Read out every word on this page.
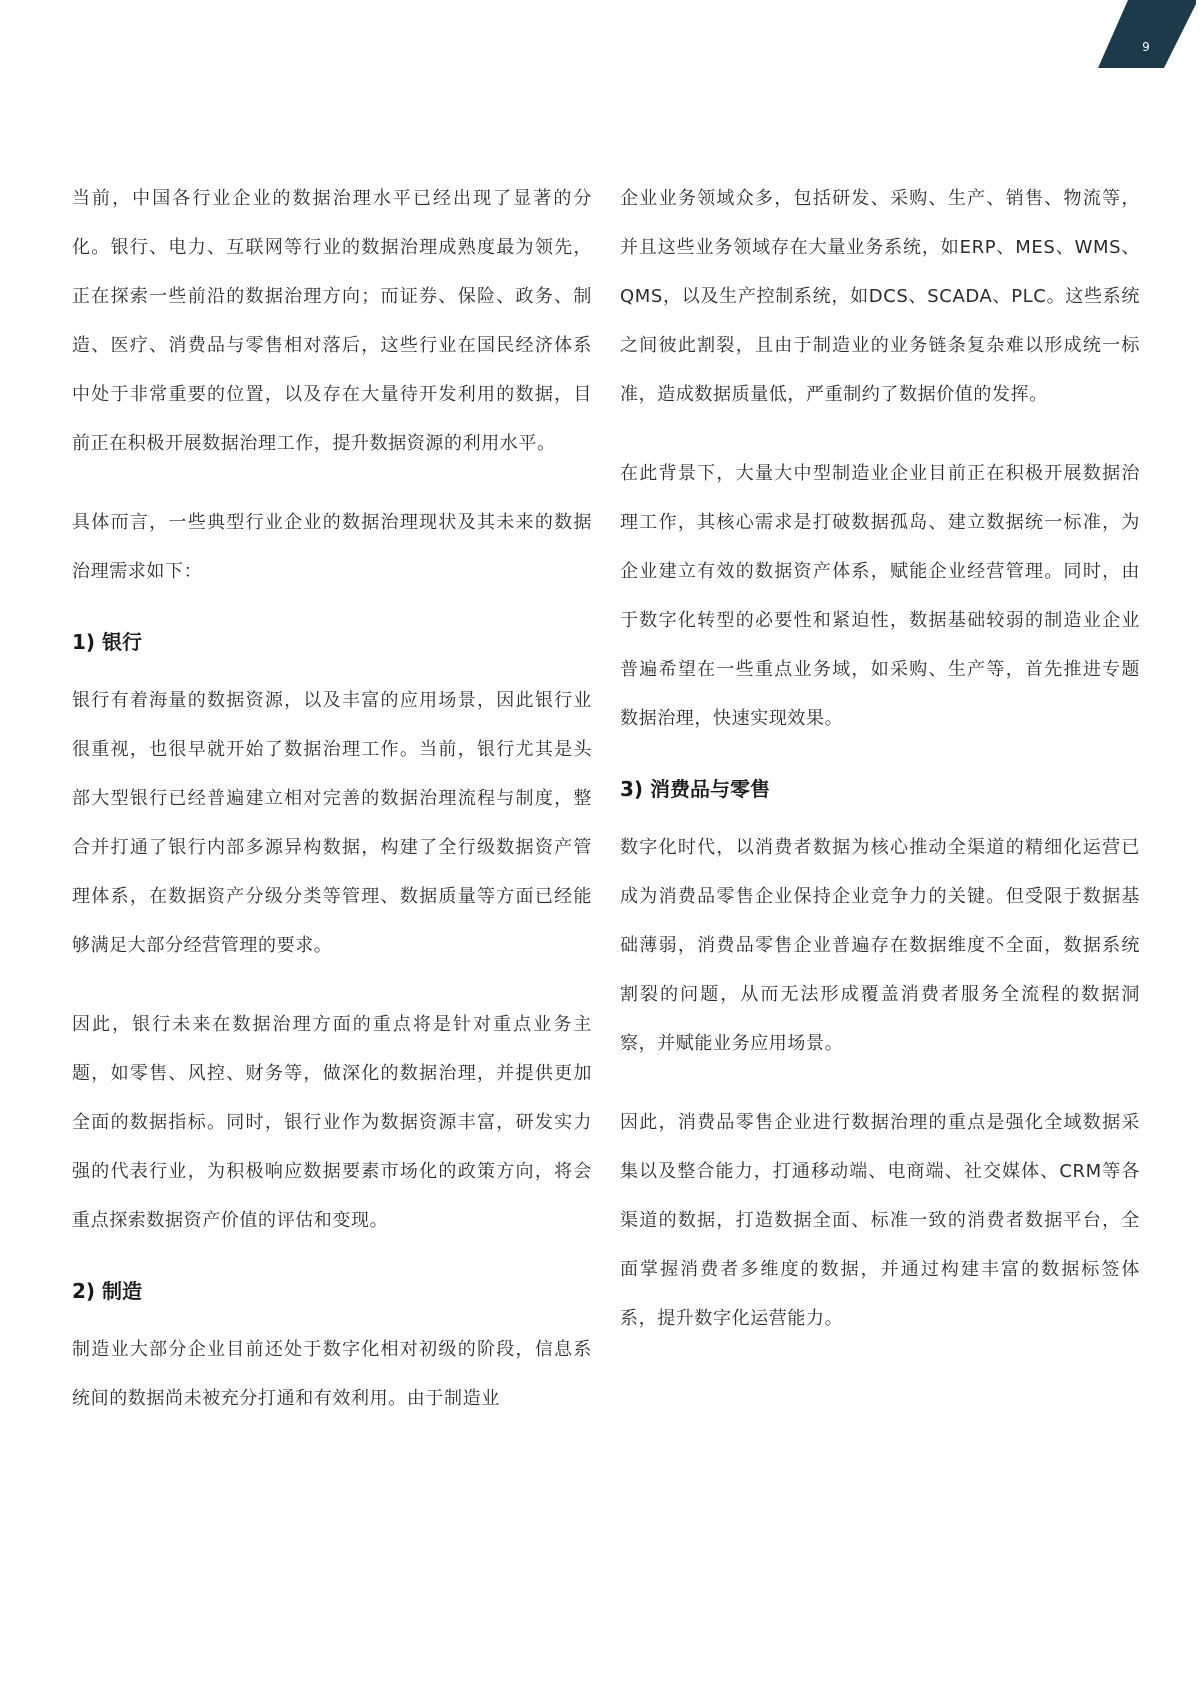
9

当前，中国各行业企业的数据治理水平已经出现了显著的分化。银行、电力、互联网等行业的数据治理成熟度最为领先，正在探索一些前沿的数据治理方向；而证券、保险、政务、制造、医疗、消费品与零售相对落后，这些行业在国民经济体系中处于非常重要的位置，以及存在大量待开发利用的数据，目前正在积极开展数据治理工作，提升数据资源的利用水平。

具体而言，一些典型行业企业的数据治理现状及其未来的数据治理需求如下：

1) 银行

银行有着海量的数据资源，以及丰富的应用场景，因此银行业很重视，也很早就开始了数据治理工作。当前，银行尤其是头部大型银行已经普遍建立相对完善的数据治理流程与制度，整合并打通了银行内部多源异构数据，构建了全行级数据资产管理体系，在数据资产分级分类等管理、数据质量等方面已经能够满足大部分经营管理的要求。

因此，银行未来在数据治理方面的重点将是针对重点业务主题，如零售、风控、财务等，做深化的数据治理，并提供更加全面的数据指标。同时，银行业作为数据资源丰富，研发实力强的代表行业，为积极响应数据要素市场化的政策方向，将会重点探索数据资产价值的评估和变现。

2) 制造

制造业大部分企业目前还处于数字化相对初级的阶段，信息系统间的数据尚未被充分打通和有效利用。由于制造业

企业业务领域众多，包括研发、采购、生产、销售、物流等，并且这些业务领域存在大量业务系统，如ERP、MES、WMS、QMS，以及生产控制系统，如DCS、SCADA、PLC。这些系统之间彼此割裂，且由于制造业的业务链条复杂难以形成统一标准，造成数据质量低，严重制约了数据价值的发挥。

在此背景下，大量大中型制造业企业目前正在积极开展数据治理工作，其核心需求是打破数据孤岛、建立数据统一标准，为企业建立有效的数据资产体系，赋能企业经营管理。同时，由于数字化转型的必要性和紧迫性，数据基础较弱的制造业企业普遍希望在一些重点业务域，如采购、生产等，首先推进专题数据治理，快速实现效果。

3) 消费品与零售

数字化时代，以消费者数据为核心推动全渠道的精细化运营已成为消费品零售企业保持企业竞争力的关键。但受限于数据基础薄弱，消费品零售企业普遍存在数据维度不全面，数据系统割裂的问题，从而无法形成覆盖消费者服务全流程的数据洞察，并赋能业务应用场景。

因此，消费品零售企业进行数据治理的重点是强化全域数据采集以及整合能力，打通移动端、电商端、社交媒体、CRM等各渠道的数据，打造数据全面、标准一致的消费者数据平台，全面掌握消费者多维度的数据，并通过构建丰富的数据标签体系，提升数字化运营能力。
